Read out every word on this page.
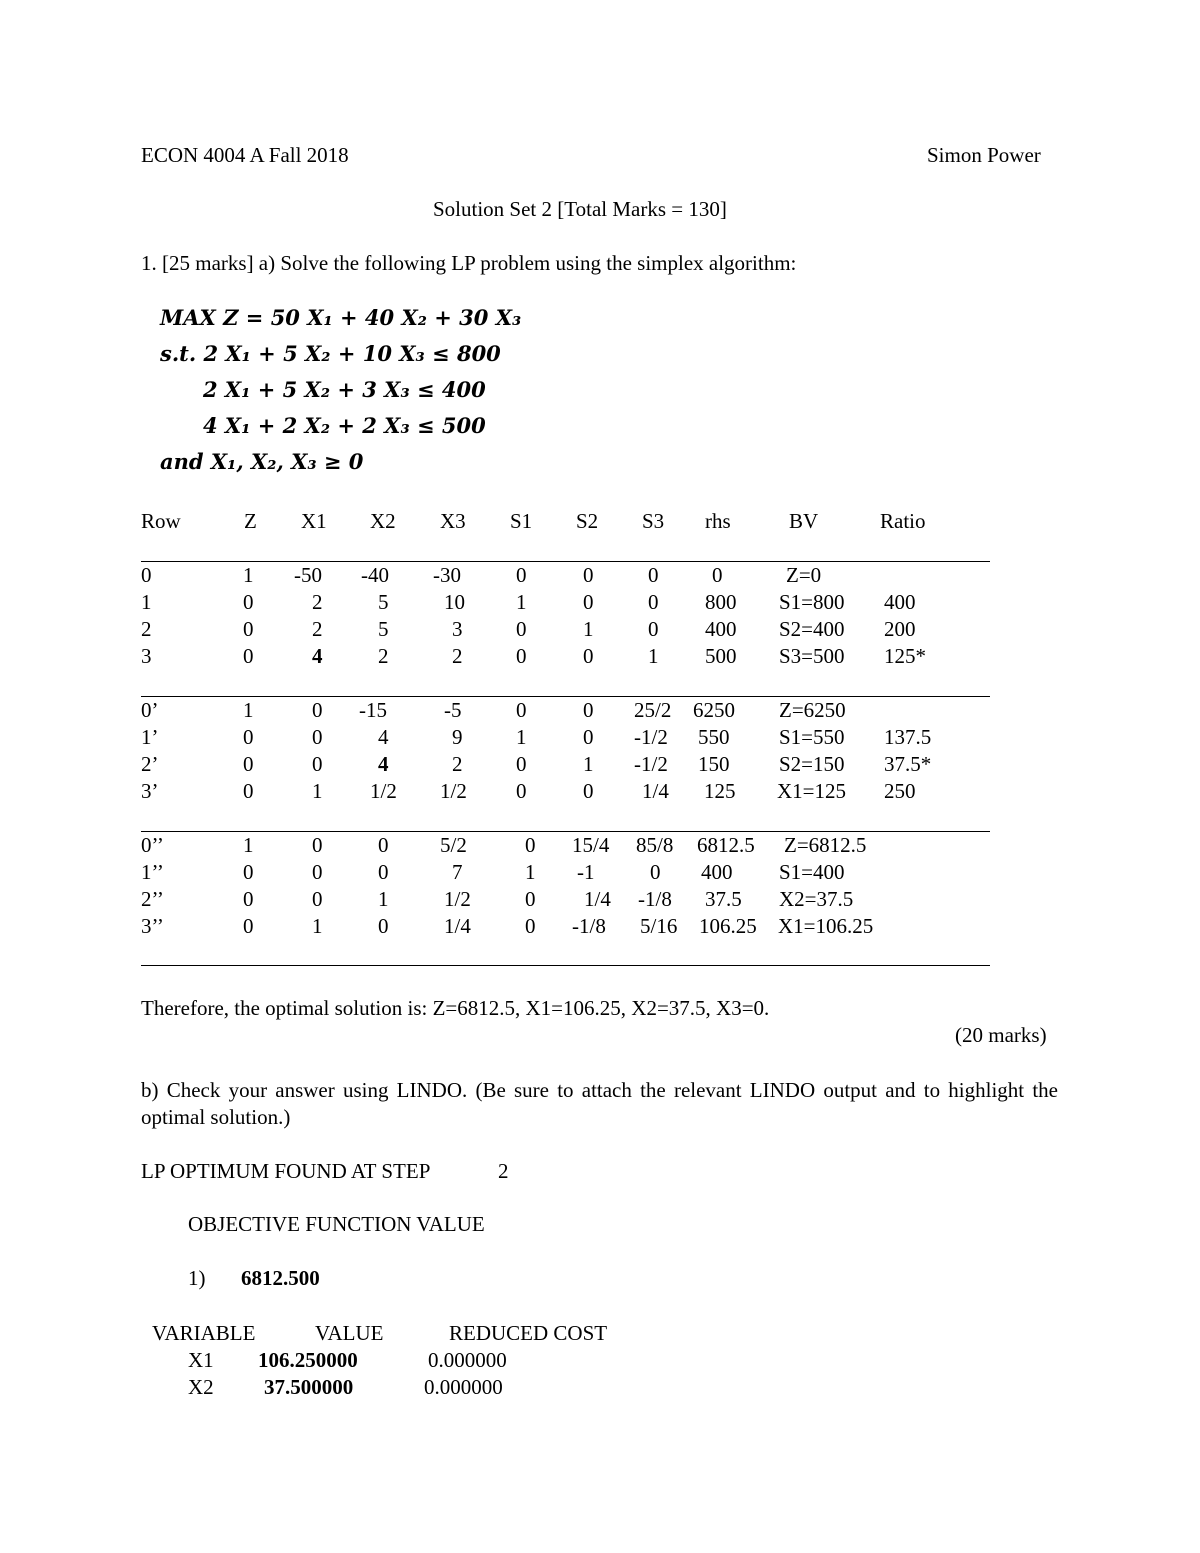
ECON 4004 A Fall 2018	Simon Power
Solution Set 2 [Total Marks = 130]
1. [25 marks] a) Solve the following LP problem using the simplex algorithm:
MAX Z = 50 X₁ + 40 X₂ + 30 X₃
s.t. 2 X₁ + 5 X₂ + 10 X₃ ≤ 800
2 X₁ + 5 X₂ + 3 X₃ ≤ 400
4 X₁ + 2 X₂ + 2 X₃ ≤ 500
and X₁, X₂, X₃ ≥ 0
Row	Z X1 X2 X3 S1 S2 S3 rhs	BV	Ratio
0	1 -50 -40 -30	0	0	0	0	Z=0
1	0	2	5	10 1	0	0 800 S1=800 400
2	0	2	5	3	0	1	0 400 S2=400 200
3	0	4	2	2	0	0	1 500 S3=500 125*
0’	1	0 -15	-5	0	0 25/2 6250 Z=6250
1’	0	0	4	9	1	0 -1/2 550 S1=550 137.5
2’	0	0	4	2	0	1 -1/2 150 S2=150 37.5*
3’	0	1 1/2 1/2 0	0 1/4 125 X1=125 250
0’’	1	0	0 5/2	0 15/4 85/8 6812.5 Z=6812.5
1’’	0	0	0	7	1 -1	0 400 S1=400
2’’	0	0	1	1/2	0 1/4 -1/8 37.5 X2=37.5
3’’	0	1	0	1/4	0 -1/8 5/16 106.25 X1=106.25
Therefore, the optimal solution is: Z=6812.5, X1=106.25, X2=37.5, X3=0.
(20 marks)
b) Check your answer using LINDO. (Be sure to attach the relevant LINDO output and to highlight the optimal solution.)
LP OPTIMUM FOUND AT STEP	2
OBJECTIVE FUNCTION VALUE
1) 6812.500
VARIABLE	VALUE	REDUCED COST
X1 106.250000	0.000000
X2 37.500000	0.000000
